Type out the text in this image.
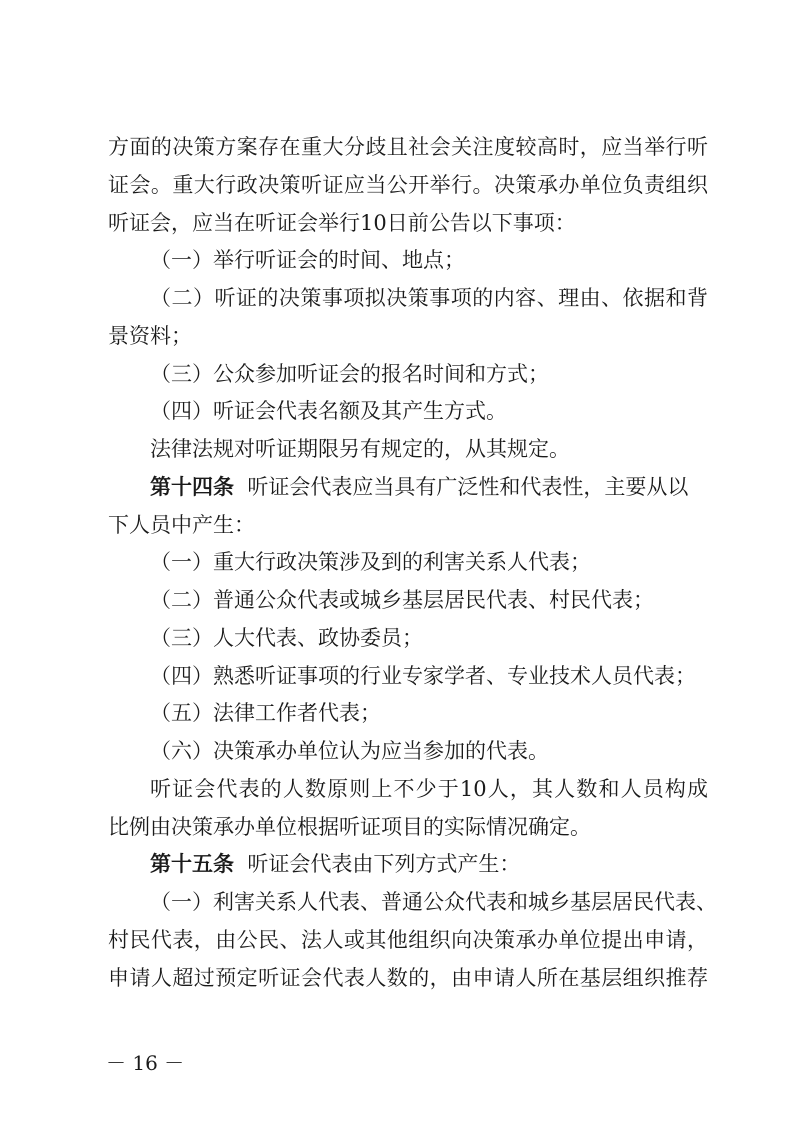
方面的决策方案存在重大分歧且社会关注度较高时，应当举行听
证会。重大行政决策听证应当公开举行。决策承办单位负责组织
听证会，应当在听证会举行10日前公告以下事项：
（一）举行听证会的时间、地点；
（二）听证的决策事项拟决策事项的内容、理由、依据和背
景资料；
（三）公众参加听证会的报名时间和方式；
（四）听证会代表名额及其产生方式。
法律法规对听证期限另有规定的，从其规定。
第十四条 听证会代表应当具有广泛性和代表性，主要从以
下人员中产生：
（一）重大行政决策涉及到的利害关系人代表；
（二）普通公众代表或城乡基层居民代表、村民代表；
（三）人大代表、政协委员；
（四）熟悉听证事项的行业专家学者、专业技术人员代表；
（五）法律工作者代表；
（六）决策承办单位认为应当参加的代表。
听证会代表的人数原则上不少于10人，其人数和人员构成
比例由决策承办单位根据听证项目的实际情况确定。
第十五条 听证会代表由下列方式产生：
（一）利害关系人代表、普通公众代表和城乡基层居民代表、
村民代表，由公民、法人或其他组织向决策承办单位提出申请，
申请人超过预定听证会代表人数的，由申请人所在基层组织推荐
－ 16 －
